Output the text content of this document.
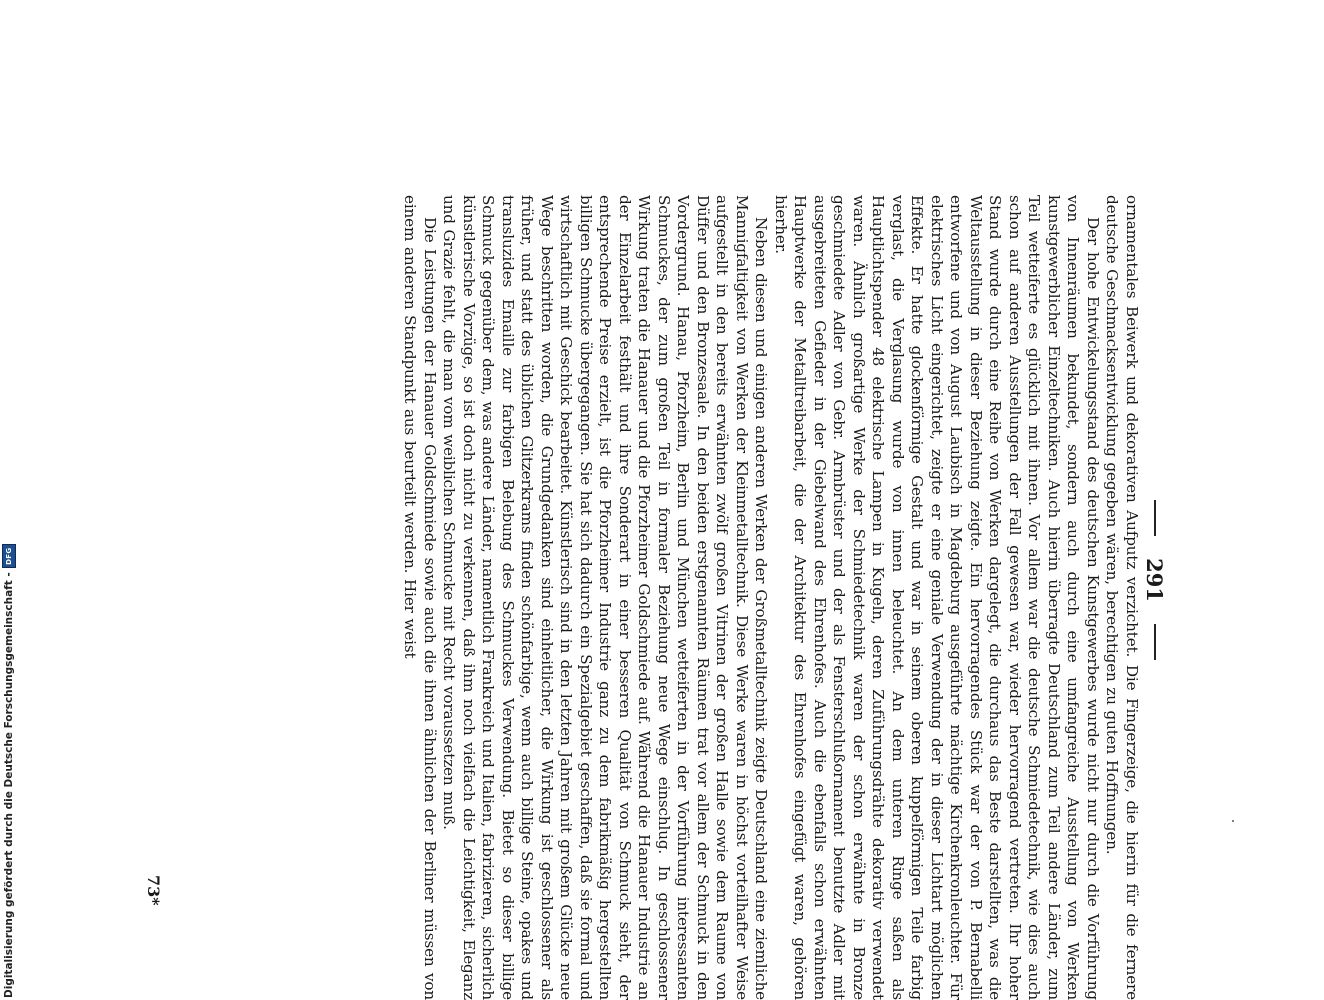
291

ornamentales Beiwerk und dekorativen Aufputz verzichtet. Die Fingerzeige, die hierin für die fernere deutsche Geschmacksentwicklung gegeben wären, berechtigen zu guten Hoffnungen.

Der hohe Entwickelungsstand des deutschen Kunstgewerbes wurde nicht nur durch die Vorführung von Innenräumen bekundet, sondern auch durch eine umfangreiche Ausstellung von Werken kunstgewerblicher Einzeltechniken. Auch hierin überragte Deutschland zum Teil andere Länder, zum Teil wetteiferte es glücklich mit ihnen. Vor allem war die deutsche Schmiedetechnik, wie dies auch schon auf anderen Ausstellungen der Fall gewesen war, wieder hervorragend vertreten. Ihr hoher Stand wurde durch eine Reihe von Werken dargelegt, die durchaus das Beste darstellten, was die Weltausstellung in dieser Beziehung zeigte. Ein hervorragendes Stück war der von P. Bernabelli entworfene und von August Laubisch in Magdeburg ausgeführte mächtige Kirchenkronleuchter. Für elektrisches Licht eingerichtet, zeigte er eine geniale Verwendung der in dieser Lichtart möglichen Effekte. Er hatte glockenförmige Gestalt und war in seinem oberen kuppelförmigen Teile farbig verglast, die Verglasung wurde von innen beleuchtet. An dem unteren Ringe saßen als Hauptlichtspender 48 elektrische Lampen in Kugeln, deren Zuführungsdrähte dekorativ verwendet waren. Ähnlich großartige Werke der Schmiedetechnik waren der schon erwähnte in Bronze geschmiedete Adler von Gebr. Armbrüster und der als Fensterschlußornament benutzte Adler mit ausgebreiteten Gefieder in der Giebelwand des Ehrenhofes. Auch die ebenfalls schon erwähnten Hauptwerke der Metalltreibarbeit, die der Architektur des Ehrenhofes eingefügt waren, gehören hierher.

Neben diesen und einigen anderen Werken der Großmetalltechnik zeigte Deutschland eine ziemliche Mannigfaltigkeit von Werken der Kleinmetalltechnik. Diese Werke waren in höchst vorteilhafter Weise aufgestellt in den bereits erwähnten zwölf großen Vitrinen der großen Halle sowie dem Raume von Düffer und den Bronzesaale. In den beiden erstgenannten Räumen trat vor allem der Schmuck in den Vordergrund. Hanau, Pforzheim, Berlin und München wetteiferten in der Vorführung interessanten Schmuckes, der zum großen Teil in formaler Beziehung neue Wege einschlug. In geschlossener Wirkung traten die Hanauer und die Pforzheimer Goldschmiede auf. Während die Hanauer Industrie an der Einzelarbeit festhält und ihre Sonderart in einer besseren Qualität von Schmuck sieht, der entsprechende Preise erzielt, ist die Pforzheimer Industrie ganz zu dem fabrikmäßig hergestellten billigen Schmucke übergegangen. Sie hat sich dadurch ein Spezialgebiet geschaffen, daß sie formal und wirtschaftlich mit Geschick bearbeitet. Künstlerisch sind in den letzten Jahren mit großem Glücke neue Wege beschritten worden, die Grundgedanken sind einheitlicher, die Wirkung ist geschlossener als früher, und statt des üblichen Glitzerkrams finden schönfarbige, wenn auch billige Steine, opakes und transluzides Emaille zur farbigen Belebung des Schmuckes Verwendung. Bietet so dieser billige Schmuck gegenüber dem, was andere Länder, namentlich Frankreich und Italien, fabrizieren, sicherlich künstlerische Vorzüge, so ist doch nicht zu verkennen, daß ihm noch vielfach die Leichtigkeit, Eleganz und Grazie fehlt, die man vom weiblichen Schmucke mit Recht voraussetzen muß.

Die Leistungen der Hanauer Goldschmiede sowie auch die ihnen ähnlichen der Berliner müssen von einem anderen Standpunkt aus beurteilt werden. Hier weist

73*
Digitalisierung gefördert durch die Deutsche Forschungsgemeinschaft -
DFG
